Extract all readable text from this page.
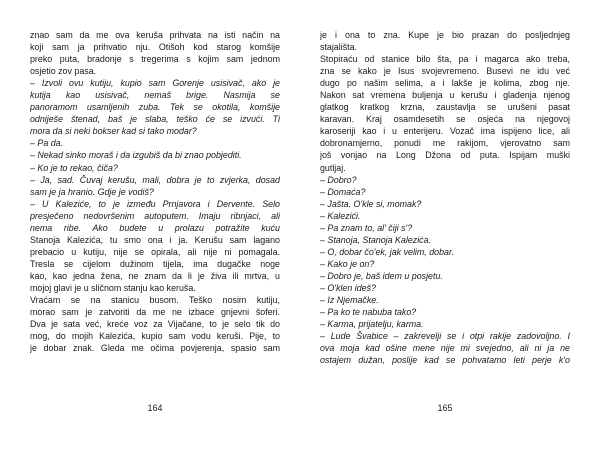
znao sam da me ova keruša prihvata na isti način na
koji sam ja prihvatio nju. Otišoh kod starog komšije
preko puta, bradonje s tregerima s kojim sam jednom
osjetio zov pasa.
– Izvoli ovu kutiju, kupio sam Gorenje usisivač, ako je
kutija kao usisivač, nemaš brige. Nasmija se
panoramom usamljenih zuba. Tek se okotila, komšije
odniješe štenad, baš je slaba, teško će se izvući. Ti
mora da si neki bokser kad si tako modar?
– Pa da.
– Nekad sinko moraš i da izgubiš da bi znao pobjediti.
– Ko je to rekao, čiča?
– Ja, sad. Čuvaj kerušu, mali, dobra je to zvjerka, dosad
sam je ja hranio. Gdje je vodiš?
– U Kaleziće, to je između Prnjavora i Derventе. Selo
presječeno nedovršenim autoputem. Imaju ribnjaci, ali
nema ribe. Ako budete u prolazu potražite kuću
Stanoja Kalezića, tu smo ona i ja. Kerušu sam lagano
prebacio u kutiju, nije se opirala, ali nije ni pomagala.
Tresla se cijelom dužinom tijela, ima dugačke noge
kao, kao jedna žena, ne znam da li je živa ili mrtva, u
mojoj glavi je u sličnom stanju kao keruša.
Vraćam se na stanicu busom. Teško nosim kutiju,
morao sam je zatvoriti da me ne izbace gnjevni šoferi.
Dva je sata već, kreće voz za Vijačane, to je selo tik do
mog, do mojih Kalezića, kupio sam vodu keruši. Pije, to
je dobar znak. Gleda me očima povjerenja, spasio sam
164
je i ona to zna. Kupe je bio prazan do posljednjeg
stajališta.
Stopiraću od stanice bilo šta, pa i magarca ako treba,
zna se kako je Isus svojevremeno. Busevi ne idu već
dugo po našim selima, a i lakše je kolima, zbog nje.
Nakon sat vremena buljenja u kerušu i gladenja njenog
glatkog kratkog krzna, zaustavlja se urušeni pasat
karavan. Kraj osamdesetih se osjeća na njegovoj
karoseriji kao i u enterijeru. Vozač ima ispijeno lice, ali
dobronamjerno, ponudi me rakijom, vjerovatno sam
još vonjao na Long Džona od puta. Ispijam muški
gutljaj.
– Dobro?
– Domaća?
– Jašta. O'kle si, momak?
– Kalezići.
– Pa znam to, al' čiji s'?
– Stanoja, Stanoja Kalezića.
– O, dobar čo'ek, jak velim, dobar.
– Kako je on?
– Dobro je, baš idem u posjetu.
– O'klen ideš?
– Iz Njemačke.
– Pa ko te nabuba tako?
– Karma, prijatelju, karma.
– Lude Švabice – zakrevelji se i otpi rakije zadovoljno. I
ova moja kad ošine mene nije mi svejedno, ali ni ja ne
ostajem dužan, poslije kad se pohvatamo leti perje k'o
165
